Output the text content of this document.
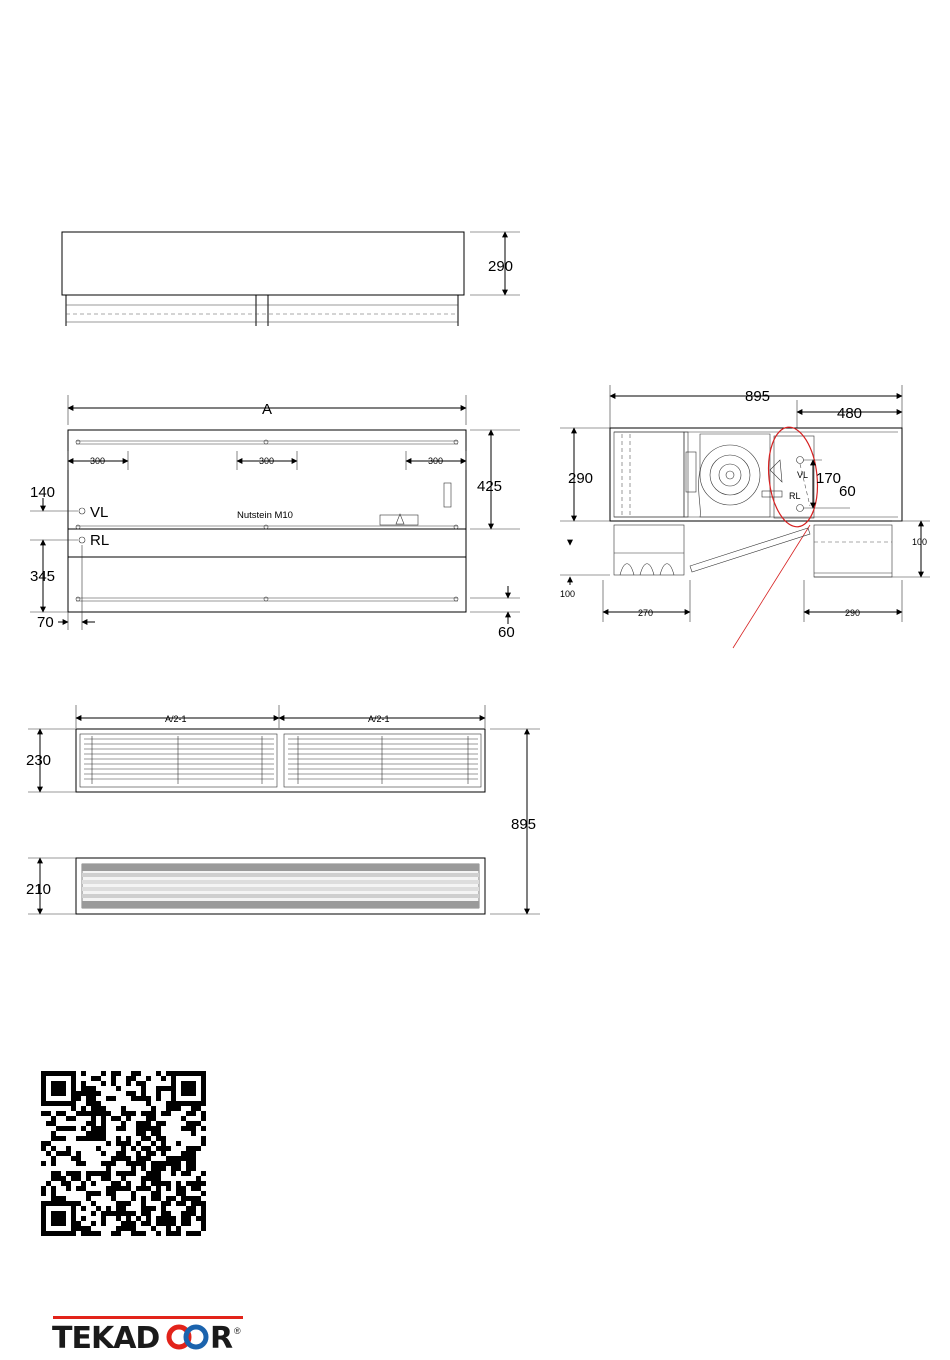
290
A
300	300	300
Nutstein M10
VL
RL
140
345
70
425
60
895
480
VL
RL
170
60
290
100
100
270	290
A/2-1	A/2-1
230
210
895
TEKAD R ®
